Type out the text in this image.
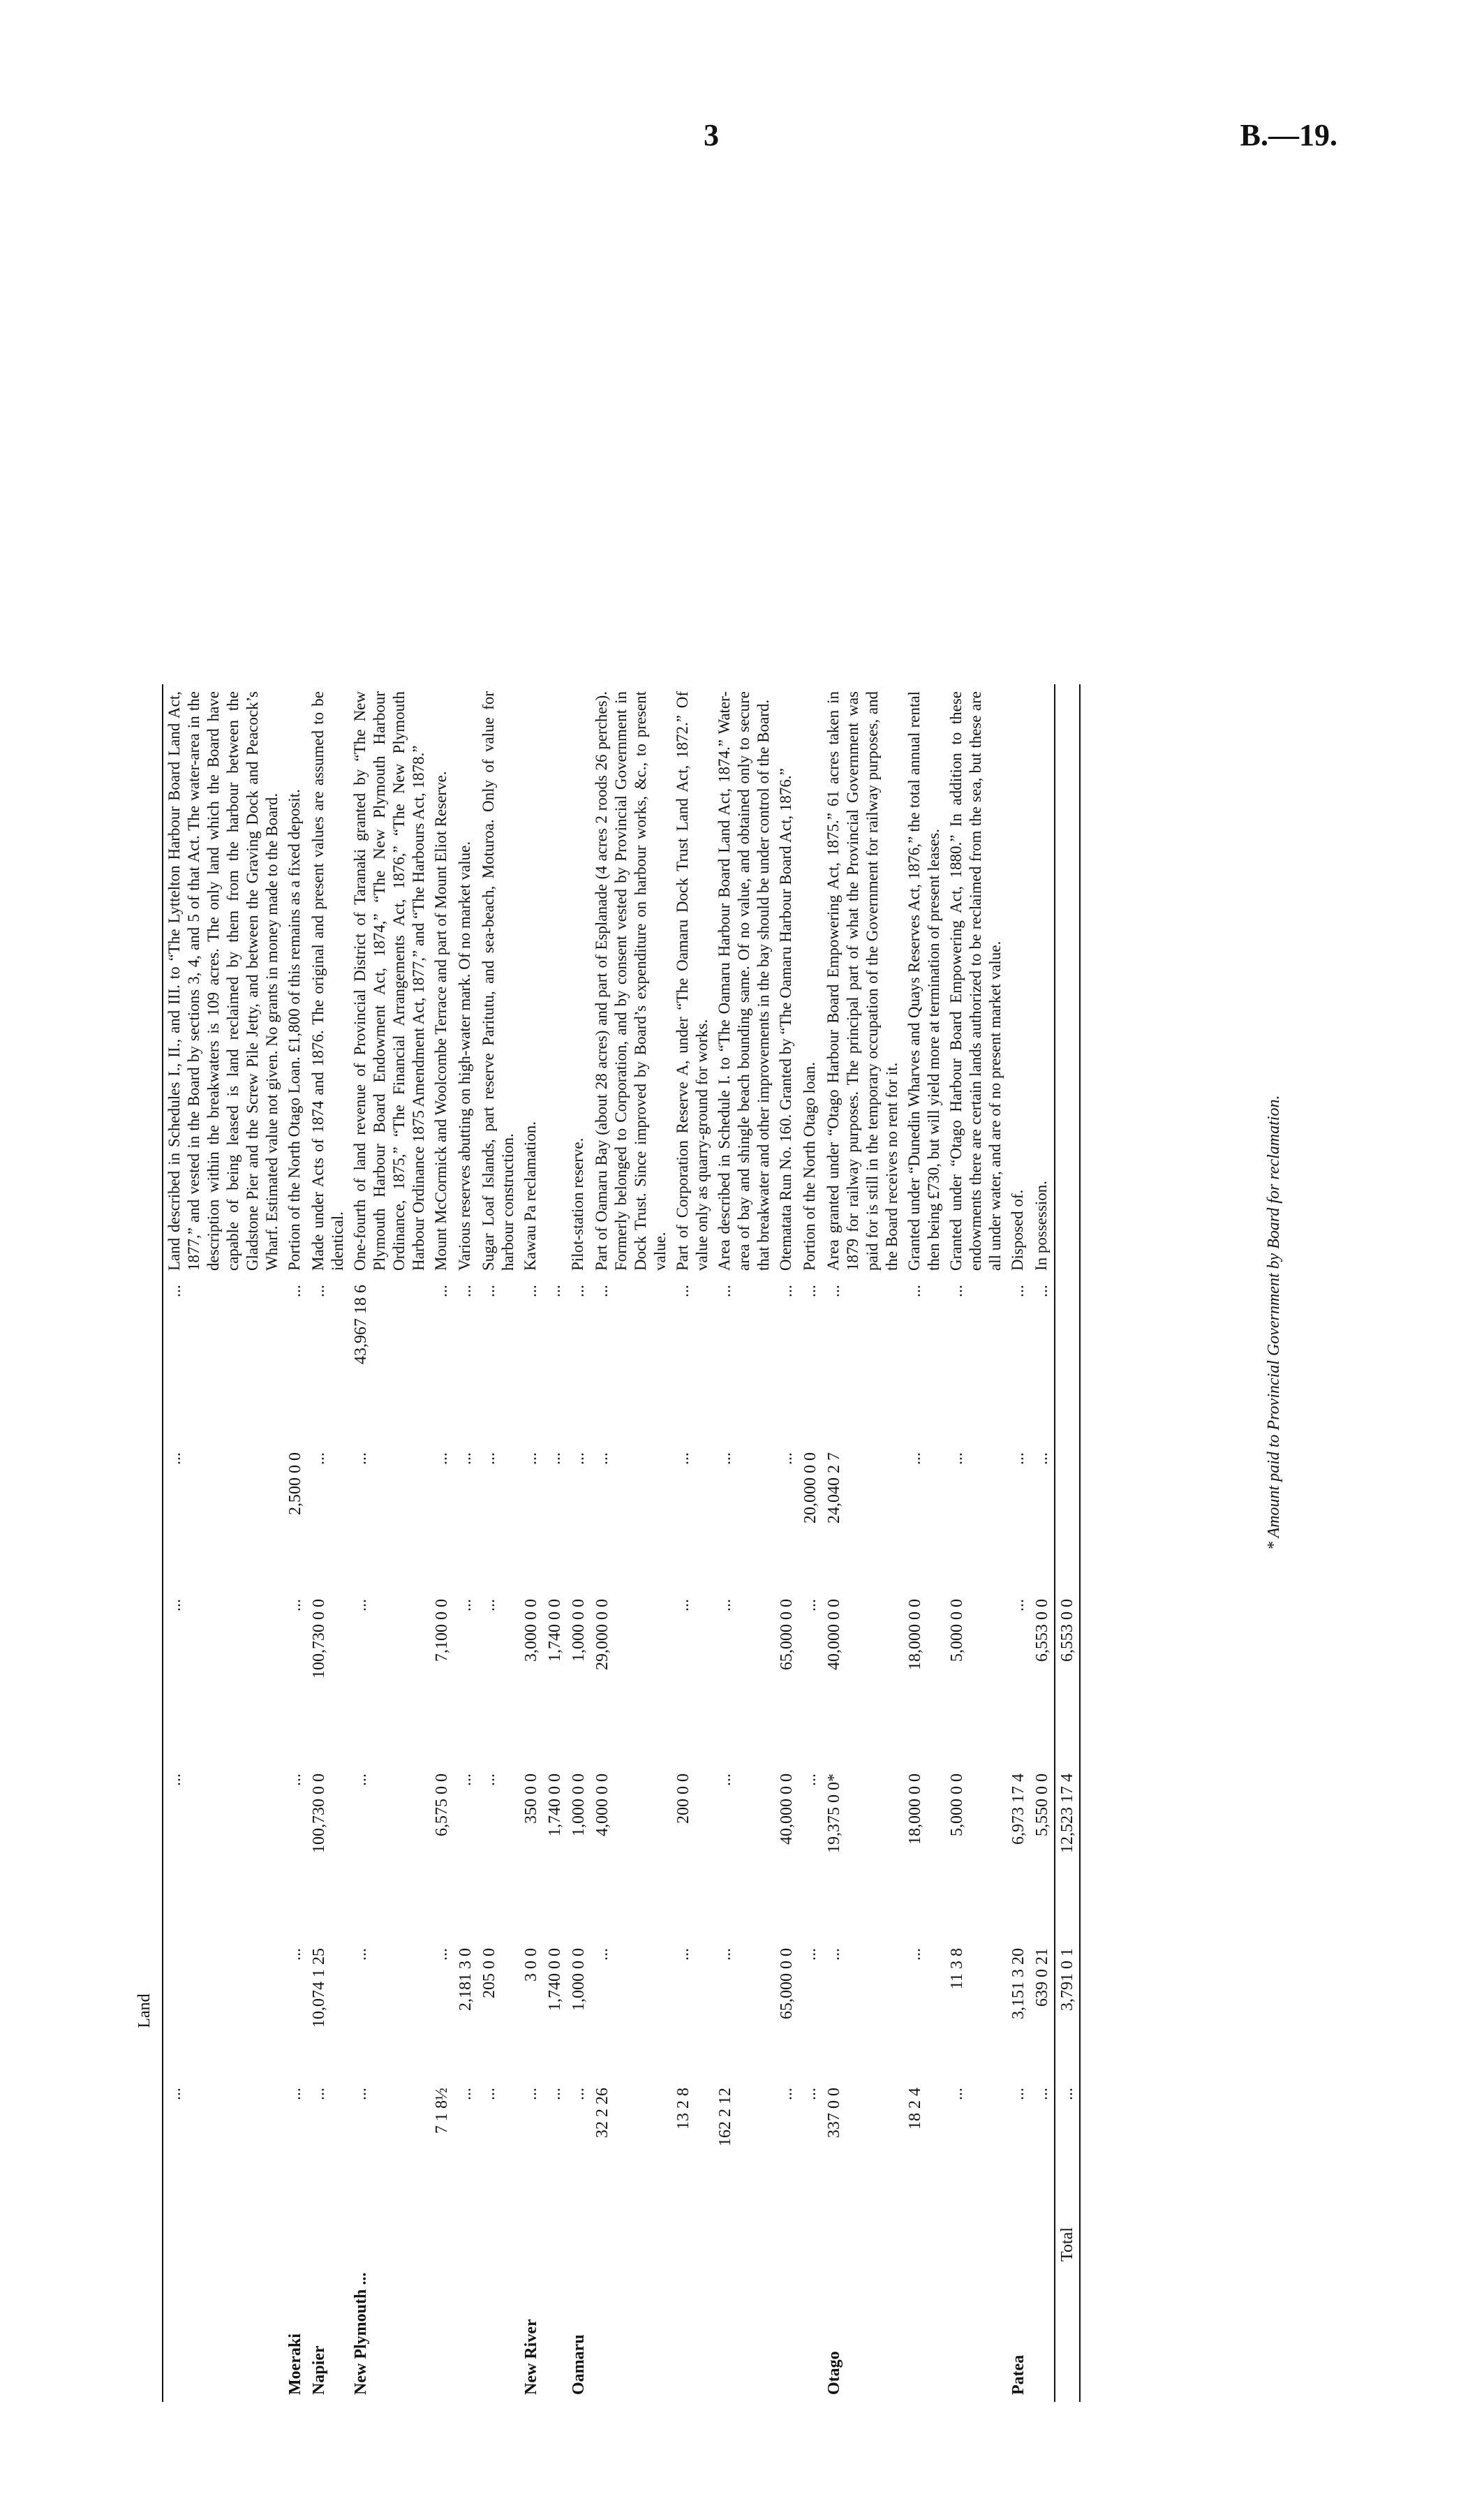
3	B.—19.
		Land					
	...		...	...	...	...	Land described in Schedules I., II., and III. to “The Lyttelton Harbour Board Land Act, 1877,” and vested in the Board by sections 3, 4, and 5 of that Act. The water-area in the description within the breakwaters is 109 acres. The only land which the Board have capable of being leased is land reclaimed by them from the harbour between the Gladstone Pier and the Screw Pile Jetty, and between the Graving Dock and Peacock’s Wharf. Estimated value not given. No grants in money made to the Board.
Moeraki	...	...	...	...	2,500 0 0	...	Portion of the North Otago Loan. £1,800 of this remains as a fixed deposit.
Napier	...	10,074 1 25	100,730 0 0	100,730 0 0	...	...	Made under Acts of 1874 and 1876. The original and present values are assumed to be identical.
New Plymouth ...	...	...	...	...	...	43,967 18 6	One-fourth of land revenue of Provincial District of Taranaki granted by “The New Plymouth Harbour Board Endowment Act, 1874,” “The New Plymouth Harbour Ordinance, 1875,” “The Financial Arrangements Act, 1876,” “The New Plymouth Harbour Ordinance 1875 Amendment Act, 1877,” and “The Harbours Act, 1878.”
	7 1 8½	...	6,575 0 0	7,100 0 0	...	...	Mount McCormick and Woolcombe Terrace and part of Mount Eliot Reserve.
	...	2,181 3 0	...	...	...	...	Various reserves abutting on high-water mark. Of no market value.
	...	205 0 0	...	...	...	...	Sugar Loaf Islands, part reserve Paritutu, and sea-beach, Moturoa. Only of value for harbour construction.
New River	...	3 0 0	350 0 0	3,000 0 0	...	...	Kawau Pa reclamation.
	...	1,740 0 0	1,740 0 0	1,740 0 0	...	...	
Oamaru	...	1,000 0 0	1,000 0 0	1,000 0 0	...	...	Pilot-station reserve.
	32 2 26	...	4,000 0 0	29,000 0 0	...	...	Part of Oamaru Bay (about 28 acres) and part of Esplanade (4 acres 2 roods 26 perches). Formerly belonged to Corporation, and by consent vested by Provincial Government in Dock Trust. Since improved by Board’s expenditure on harbour works, &c., to present value.
	13 2 8	...	200 0 0	...	...	...	Part of Corporation Reserve A, under “The Oamaru Dock Trust Land Act, 1872.” Of value only as quarry-ground for works.
	162 2 12	...	...	...	...	...	Area described in Schedule I. to “The Oamaru Harbour Board Land Act, 1874.” Water-area of bay and shingle beach bounding same. Of no value, and obtained only to secure that breakwater and other improvements in the bay should be under control of the Board.
	...	65,000 0 0	40,000 0 0	65,000 0 0	...	...	Otematata Run No. 160. Granted by “The Oamaru Harbour Board Act, 1876.”
	...	...	...	...	20,000 0 0	...	Portion of the North Otago loan.
Otago	337 0 0	...	19,375 0 0*	40,000 0 0	24,040 2 7	...	Area granted under “Otago Harbour Board Empowering Act, 1875.” 61 acres taken in 1879 for railway purposes. The principal part of what the Provincial Government was paid for is still in the temporary occupation of the Government for railway purposes, and the Board receives no rent for it.
	18 2 4	...	18,000 0 0	18,000 0 0	...	...	Granted under “Dunedin Wharves and Quays Reserves Act, 1876,” the total annual rental then being £730, but will yield more at termination of present leases.
	...	11 3 8	5,000 0 0	5,000 0 0	...	...	Granted under “Otago Harbour Board Empowering Act, 1880.” In addition to these endowments there are certain lands authorized to be reclaimed from the sea, but these are all under water, and are of no present market value.
Patea	...	3,151 3 20	6,973 17 4	...	...	...	Disposed of.
	...	639 0 21	5,550 0 0	6,553 0 0	...	...	In possession.
Total	...	3,791 0 1	12,523 17 4	6,553 0 0			
* Amount paid to Provincial Government by Board for reclamation.
